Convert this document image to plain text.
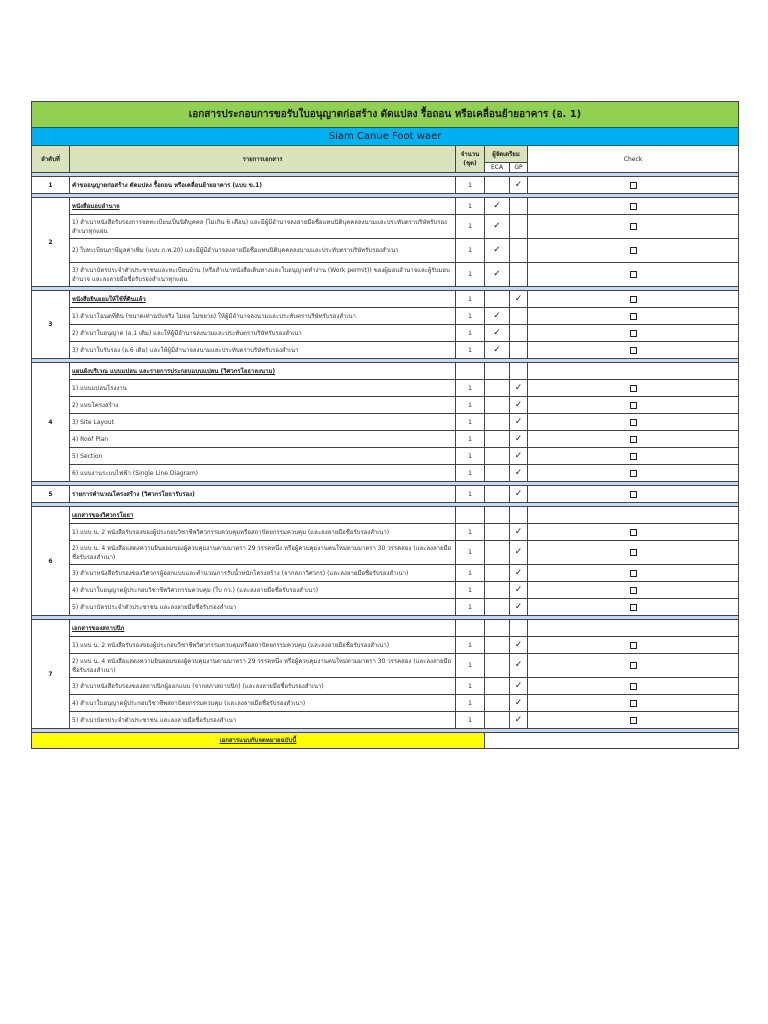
เอกสารประกอบการขอรับใบอนุญาตก่อสร้าง ดัดแปลง รื้อถอน หรือเคลื่อนย้ายอาคาร (อ. 1)					
Siam Canue Foot waer					
ลำดับที่	รายการเอกสาร	จำนวน (ชุด)	ผู้จัดเตรียม		Check
			ECA	GP	

1	คำขออนุญาตก่อสร้าง ดัดแปลง รื้อถอน หรือเคลื่อนย้ายอาคาร (แบบ ข.1)	1		✓	

2	หนังสือมอบอำนาจ	1	✓		
	1) สำเนาหนังสือรับรองการจดทะเบียนเป็นนิติบุคคล (ไม่เกิน 6 เดือน) และมีผู้มีอำนาจลงลายมือชื่อแทนนิติบุคคลลงนามและประทับตราบริษัทรับรองสำเนาทุกแผ่น	1	✓		
	2) ใบทะเบียนภาษีมูลค่าเพิ่ม (แบบ ภ.พ.20) และมีผู้มีอำนาจลงลายมือชื่อแทนนิติบุคคลลงนามและประทับตราบริษัทรับรองสำเนา	1	✓		
	3) สำเนาบัตรประจำตัวประชาชนและทะเบียนบ้าน (หรือสำเนาหนังสือเดินทางและใบอนุญาตทำงาน (Work permit)) ของผู้มอบอำนาจและผู้รับมอบอำนาจ และลงลายมือชื่อรับรองสำเนาทุกแผ่น	1	✓		

3	หนังสือยินยอมให้ใช้ที่ดินแล้ว	1		✓	
	1) สำเนาโฉนดที่ดิน (ขนาดเท่าฉบับจริง ไม่ย่อ ไม่ขยาย) ให้ผู้มีอำนาจลงนามและประทับตราบริษัทรับรองสำเนา	1	✓		
	2) สำเนาใบอนุญาต (อ.1 เดิม) และให้ผู้มีอำนาจลงนามและประทับตราบริษัทรับรองสำเนา	1	✓		
	3) สำเนาใบรับรอง (อ.6 เดิม) และให้ผู้มีอำนาจลงนามและประทับตราบริษัทรับรองสำเนา	1	✓		

4	แผนผังบริเวณ แบบแปลน และรายการประกอบแบบแปลน (วิศวกรโยธาลงนาม)				
	1) แบบแปลนโรงงาน	1		✓	
	2) แบบโครงสร้าง	1		✓	
	3) Site Layout	1		✓	
	4) Roof Plan	1		✓	
	5) Section	1		✓	
	6) แบบงานระบบไฟฟ้า (Single Line Diagram)	1		✓	

5	รายการคำนวณโครงสร้าง (วิศวกรโยธารับรอง)	1		✓	

6	เอกสารของวิศวกรโยธา				
	1) แบบ น. 2 หนังสือรับรองของผู้ประกอบวิชาชีพวิศวกรรมควบคุมหรือสถาปัตยกรรมควบคุม (และลงลายมือชื่อรับรองสำเนา)	1		✓	
	2) แบบ น. 4 หนังสือแสดงความยินยอมของผู้ควบคุมงานตามมาตรา 29 วรรคหนึ่ง หรือผู้ควบคุมงานคนใหม่ตามมาตรา 30 วรรคสอง (และลงลายมือชื่อรับรองสำเนา)	1		✓	
	3) สำเนาหนังสือรับรองของวิศวกรผู้ออกแบบและคำนวณการรับน้ำหนักโครงสร้าง (จากสภาวิศวกร) (และลงลายมือชื่อรับรองสำเนา)	1		✓	
	4) สำเนาใบอนุญาตผู้ประกอบวิชาชีพวิศวกรรมควบคุม (ใบ กว.) (และลงลายมือชื่อรับรองสำเนา)	1		✓	
	5) สำเนาบัตรประจำตัวประชาชน และลงลายมือชื่อรับรองสำเนา	1		✓	

7	เอกสารของสถาปนิก				
	1) แบบ น. 2 หนังสือรับรองของผู้ประกอบวิชาชีพวิศวกรรมควบคุมหรือสถาปัตยกรรมควบคุม (และลงลายมือชื่อรับรองสำเนา)	1		✓	
	2) แบบ น. 4 หนังสือแสดงความยินยอมของผู้ควบคุมงานตามมาตรา 29 วรรคหนึ่ง หรือผู้ควบคุมงานคนใหม่ตามมาตรา 30 วรรคสอง (และลงลายมือชื่อรับรองสำเนา)	1		✓	
	3) สำเนาหนังสือรับรองของสถาปนิกผู้ออกแบบ (จากสภาสถาปนิก) (และลงลายมือชื่อรับรองสำเนา)	1		✓	
	4) สำเนาใบอนุญาตผู้ประกอบวิชาชีพสถาปัตยกรรมควบคุม (และลงลายมือชื่อรับรองสำเนา)	1		✓	
	5) สำเนาบัตรประจำตัวประชาชน และลงลายมือชื่อรับรองสำเนา	1		✓	

เอกสารแนบกับจดหมายฉบับนี้					
